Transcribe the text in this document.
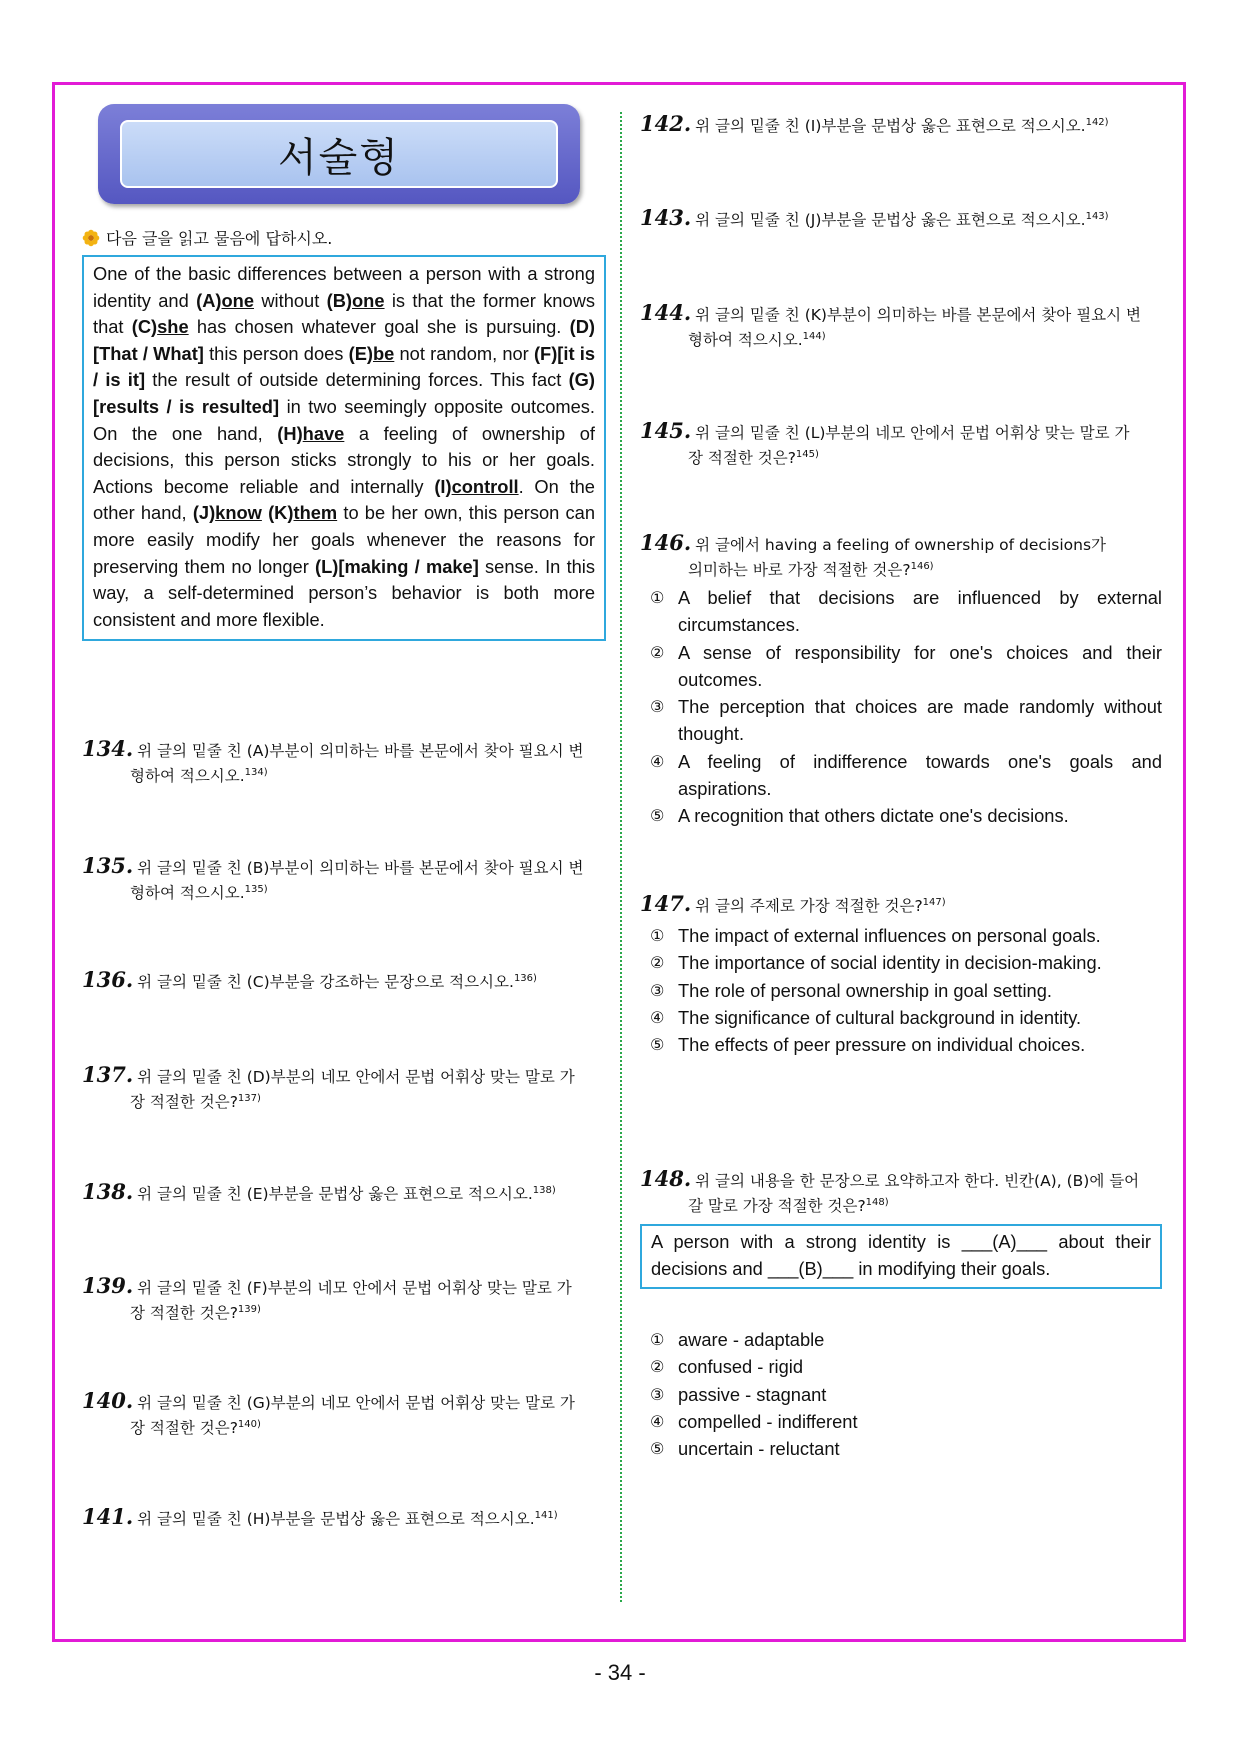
서술형
다음 글을 읽고 물음에 답하시오.
One of the basic differences between a person with a strong identity and (A)one without (B)one is that the former knows that (C)she has chosen whatever goal she is pursuing. (D)[That / What] this person does (E)be not random, nor (F)[it is / is it] the result of outside determining forces. This fact (G)[results / is resulted] in two seemingly opposite outcomes. On the one hand, (H)have a feeling of ownership of decisions, this person sticks strongly to his or her goals. Actions become reliable and internally (I)controll. On the other hand, (J)know (K)them to be her own, this person can more easily modify her goals whenever the reasons for preserving them no longer (L)[making / make] sense. In this way, a self-determined person’s behavior is both more consistent and more flexible.
- 34 -
134. 위 글의 밑줄 친 (A)부분이 의미하는 바를 본문에서 찾아 필요시 변
형하여 적으시오.$^{134)}$
135. 위 글의 밑줄 친 (B)부분이 의미하는 바를 본문에서 찾아 필요시 변
형하여 적으시오.$^{135)}$
136. 위 글의 밑줄 친 (C)부분을 강조하는 문장으로 적으시오.$^{136)}$
137. 위 글의 밑줄 친 (D)부분의 네모 안에서 문법 어휘상 맞는 말로 가
장 적절한 것은?$^{137)}$
138. 위 글의 밑줄 친 (E)부분을 문법상 옳은 표현으로 적으시오.$^{138)}$
139. 위 글의 밑줄 친 (F)부분의 네모 안에서 문법 어휘상 맞는 말로 가
장 적절한 것은?$^{139)}$
140. 위 글의 밑줄 친 (G)부분의 네모 안에서 문법 어휘상 맞는 말로 가
장 적절한 것은?$^{140)}$
141. 위 글의 밑줄 친 (H)부분을 문법상 옳은 표현으로 적으시오.$^{141)}$
142. 위 글의 밑줄 친 (I)부분을 문법상 옳은 표현으로 적으시오.$^{142)}$
143. 위 글의 밑줄 친 (J)부분을 문법상 옳은 표현으로 적으시오.$^{143)}$
144. 위 글의 밑줄 친 (K)부분이 의미하는 바를 본문에서 찾아 필요시 변
형하여 적으시오.$^{144)}$
145. 위 글의 밑줄 친 (L)부분의 네모 안에서 문법 어휘상 맞는 말로 가
장 적절한 것은?$^{145)}$
146. 위 글에서 having a feeling of ownership of decisions가
의미하는 바로 가장 적절한 것은?$^{146)}$
① A belief that decisions are influenced by external circumstances.
② A sense of responsibility for one's choices and their outcomes.
③ The perception that choices are made randomly without thought.
④ A feeling of indifference towards one's goals and aspirations.
⑤ A recognition that others dictate one's decisions.
147. 위 글의 주제로 가장 적절한 것은?$^{147)}$
① The impact of external influences on personal goals.
② The importance of social identity in decision-making.
③ The role of personal ownership in goal setting.
④ The significance of cultural background in identity.
⑤ The effects of peer pressure on individual choices.
148. 위 글의 내용을 한 문장으로 요약하고자 한다. 빈칸(A), (B)에 들어
갈 말로 가장 적절한 것은?$^{148)}$
A person with a strong identity is ___(A)___ about their decisions and ___(B)___ in modifying their goals.
① aware - adaptable
② confused - rigid
③ passive - stagnant
④ compelled - indifferent
⑤ uncertain - reluctant
